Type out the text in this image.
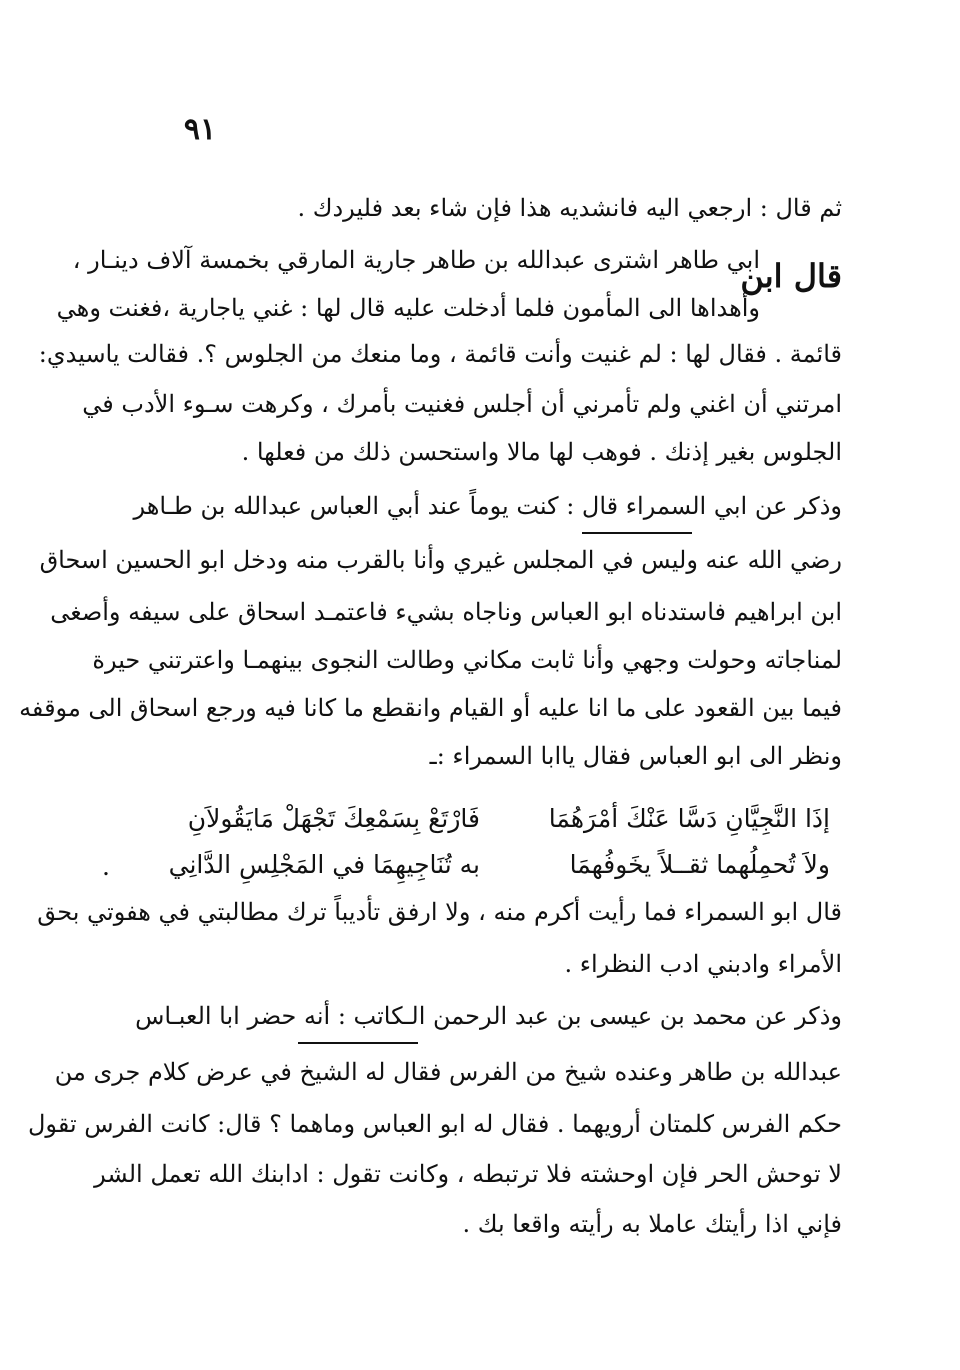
٩١
ثم قال : ارجعي اليه فانشديه هذا فإن شاء بعد فليردك .
قال ابن
ابي طاهر اشترى عبدالله بن طاهر جارية المارقي بخمسة آلاف دينـار ،
وأهداها الى المأمون فلما أدخلت عليه قال لها : غني ياجارية ،فغنت وهي
قائمة . فقال لها : لم غنيت وأنت قائمة ، وما منعك من الجلوس ؟. فقالت ياسيدي:
امرتني أن اغني ولم تأمرني أن أجلس فغنيت بأمرك ، وكرهت سـوء الأدب في
الجلوس بغير إذنك . فوهب لها مالا واستحسن ذلك من فعلها .
وذكر عن ابي السمراء قال : كنت يوماً عند أبي العباس عبدالله بن طـاهر
رضي الله عنه وليس في المجلس غيري وأنا بالقرب منه ودخل ابو الحسين اسحاق
ابن ابراهيم فاستدناه ابو العباس وناجاه بشيء فاعتمـد اسحاق على سيفه وأصغى
لمناجاته وحولت وجهي وأنا ثابت مكاني وطالت النجوى بينهمـا واعترتني حيرة
فيما بين القعود على ما انا عليه أو القيام وانقطع ما كانا فيه ورجع اسحاق الى موقفه
ونظر الى ابو العباس فقال ياابا السمراء :ـ
إذَا النَّجِيَّانِ دَسَّا عَنْكَ أمْرَهُمَا
فَارْتَعْ بِسَمْعِكَ تَجْهَلْ مَايَقُولاَنِ
ولاَ تُحمِلُهما ثقــلاً يخَوفُهمَا
به تُنَاجِيهِمَا في المَجْلِسِ الدَّانِي
.
قال ابو السمراء فما رأيت أكرم منه ، ولا ارفق تأديباً ترك مطالبتي في هفوتي بحق
الأمراء وادبني ادب النظراء .
وذكر عن محمد بن عيسى بن عبد الرحمن الـكاتب : أنه حضر ابا العبـاس
عبدالله بن طاهر وعنده شيخ من الفرس فقال له الشيخ في عرض كلام جرى من
حكم الفرس كلمتان أرويهما . فقال له ابو العباس وماهما ؟ قال: كانت الفرس تقول
لا توحش الحر فإن اوحشته فلا ترتبطه ، وكانت تقول : ادابنك الله تعمل الشر
فإني اذا رأيتك عاملا به رأيته واقعا بك .
